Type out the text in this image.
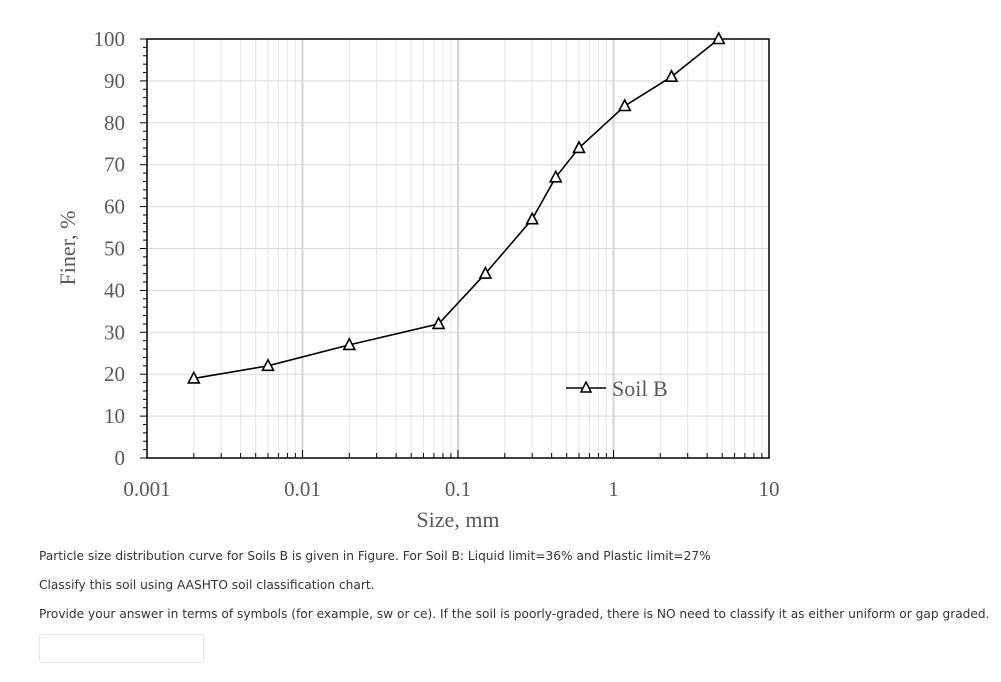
0
10
20
30
40
50
60
70
80
90
100
0.001	0.01	0.1	1	10
Soil B
Size, mm
Finer, %
Particle size distribution curve for Soils B is given in Figure. For Soil B: Liquid limit=36% and Plastic limit=27%
Classify this soil using AASHTO soil classification chart.
Provide your answer in terms of symbols (for example, sw or ce). If the soil is poorly-graded, there is NO need to classify it as either uniform or gap graded.
